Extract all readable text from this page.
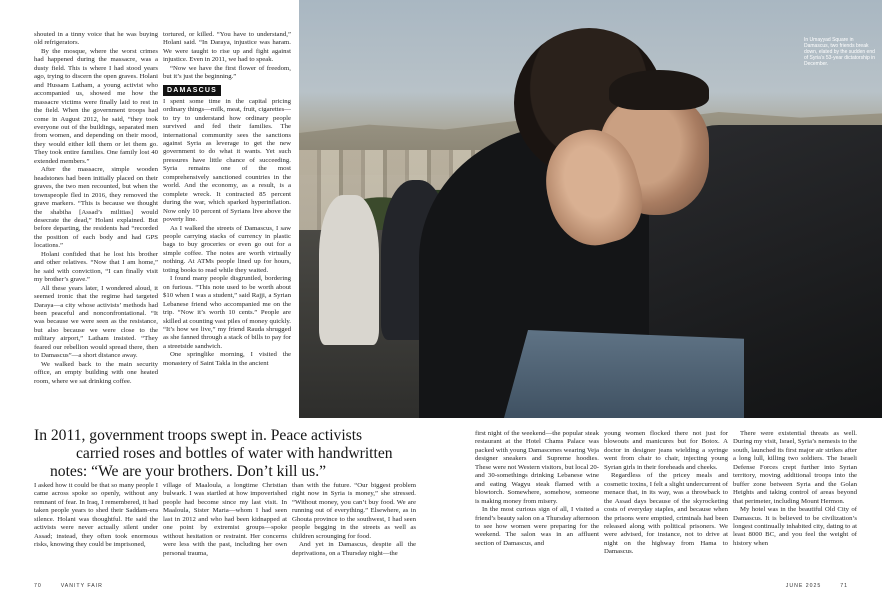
shouted in a tinny voice that he was buying old refrigerators.

By the mosque, where the worst crimes had happened during the massacre, was a dusty field. This is where I had stood years ago, trying to discern the open graves. Holani and Hussam Latham, a young activist who accompanied us, showed me how the massacre victims were finally laid to rest in the field. When the government troops had come in August 2012, he said, “they took everyone out of the buildings, separated men from women, and depending on their mood, they would either kill them or let them go. They took entire families. One family lost 40 extended members.”

After the massacre, simple wooden headstones had been initially placed on their graves, the two men recounted, but when the townspeople fled in 2016, they removed the grave markers. “This is because we thought the shabiha [Assad’s militias] would desecrate the dead,” Holani explained. But before departing, the residents had “recorded the position of each body and had GPS locations.”

Holani confided that he lost his brother and other relatives. “Now that I am home,” he said with conviction, “I can finally visit my brother’s grave.”

All these years later, I wondered aloud, it seemed ironic that the regime had targeted Daraya—a city whose activists’ methods had been peaceful and nonconfrontational. “It was because we were seen as the resistance, but also because we were close to the military airport,” Latham insisted. “They feared our rebellion would spread there, then to Damascus”—a short distance away.

We walked back to the main security office, an empty building with one heated room, where we sat drinking coffee.

tortured, or killed. “You have to understand,” Holani said. “In Daraya, injustice was haram. We were taught to rise up and fight against injustice. Even in 2011, we had to speak.

“Now we have the first flower of freedom, but it’s just the beginning.”

DAMASCUS

I spent some time in the capital pricing ordinary things—milk, meat, fruit, cigarettes—to try to understand how ordinary people survived and fed their families. The international community sees the sanctions against Syria as leverage to get the new government to do what it wants. Yet such pressures have little chance of succeeding. Syria remains one of the most comprehensively sanctioned countries in the world. And the economy, as a result, is a complete wreck. It contracted 85 percent during the war, which sparked hyperinflation. Now only 10 percent of Syrians live above the poverty line.

As I walked the streets of Damascus, I saw people carrying stacks of currency in plastic bags to buy groceries or even go out for a simple coffee. The notes are worth virtually nothing. At ATMs people lined up for hours, toting books to read while they waited.

I found many people disgruntled, bordering on furious. “This note used to be worth about $10 when I was a student,” said Rajji, a Syrian Lebanese friend who accompanied me on the trip. “Now it’s worth 10 cents.” People are skilled at counting vast piles of money quickly. “It’s how we live,” my friend Rauda shrugged as she fanned through a stack of bills to pay for a streetside sandwich.

One springlike morning, I visited the monastery of Saint Takla in the ancient

In Umayyad Square in Damascus, two friends break down, elated by the sudden end of Syria’s 53-year dictatorship in December.
In 2011, government troops swept in. Peace activists
carried roses and bottles of water with handwritten
notes: “We are your brothers. Don’t kill us.”

I asked how it could be that so many people I came across spoke so openly, without any remnant of fear. In Iraq, I remembered, it had taken people years to shed their Saddam-era silence. Holani was thoughtful. He said the activists were never actually silent under Assad; instead, they often took enormous risks, knowing they could be imprisoned,

village of Maaloula, a longtime Christian bulwark. I was startled at how impoverished people had become since my last visit. In Maaloula, Sister Maria—whom I had seen last in 2012 and who had been kidnapped at one point by extremist groups—spoke without hesitation or restraint. Her concerns were less with the past, including her own personal trauma,

than with the future. “Our biggest problem right now in Syria is money,” she stressed. “Without money, you can’t buy food. We are running out of everything.” Elsewhere, as in Ghouta province to the southwest, I had seen people begging in the streets as well as children scrounging for food.

And yet in Damascus, despite all the deprivations, on a Thursday night—the

first night of the weekend—the popular steak restaurant at the Hotel Chams Palace was packed with young Damascenes wearing Veja designer sneakers and Supreme hoodies. These were not Western visitors, but local 20- and 30-somethings drinking Lebanese wine and eating Wagyu steak flamed with a blowtorch. Somewhere, somehow, someone is making money from misery.

In the most curious sign of all, I visited a friend’s beauty salon on a Thursday afternoon to see how women were preparing for the weekend. The salon was in an affluent section of Damascus, and

young women flocked there not just for blowouts and manicures but for Botox. A doctor in designer jeans wielding a syringe went from chair to chair, injecting young Syrian girls in their foreheads and cheeks.

Regardless of the pricey meals and cosmetic toxins, I felt a slight undercurrent of menace that, in its way, was a throwback to the Assad days because of the skyrocketing costs of everyday staples, and because when the prisons were emptied, criminals had been released along with political prisoners. We were advised, for instance, not to drive at night on the highway from Hama to Damascus.

There were existential threats as well. During my visit, Israel, Syria’s nemesis to the south, launched its first major air strikes after a long lull, killing two soldiers. The Israeli Defense Forces crept further into Syrian territory, moving additional troops into the buffer zone between Syria and the Golan Heights and taking control of areas beyond that perimeter, including Mount Hermon.

My hotel was in the beautiful Old City of Damascus. It is believed to be civilization’s longest continually inhabited city, dating to at least 8000 BC, and you feel the weight of history when

70	VANITY FAIR	JUNE 2025	71
